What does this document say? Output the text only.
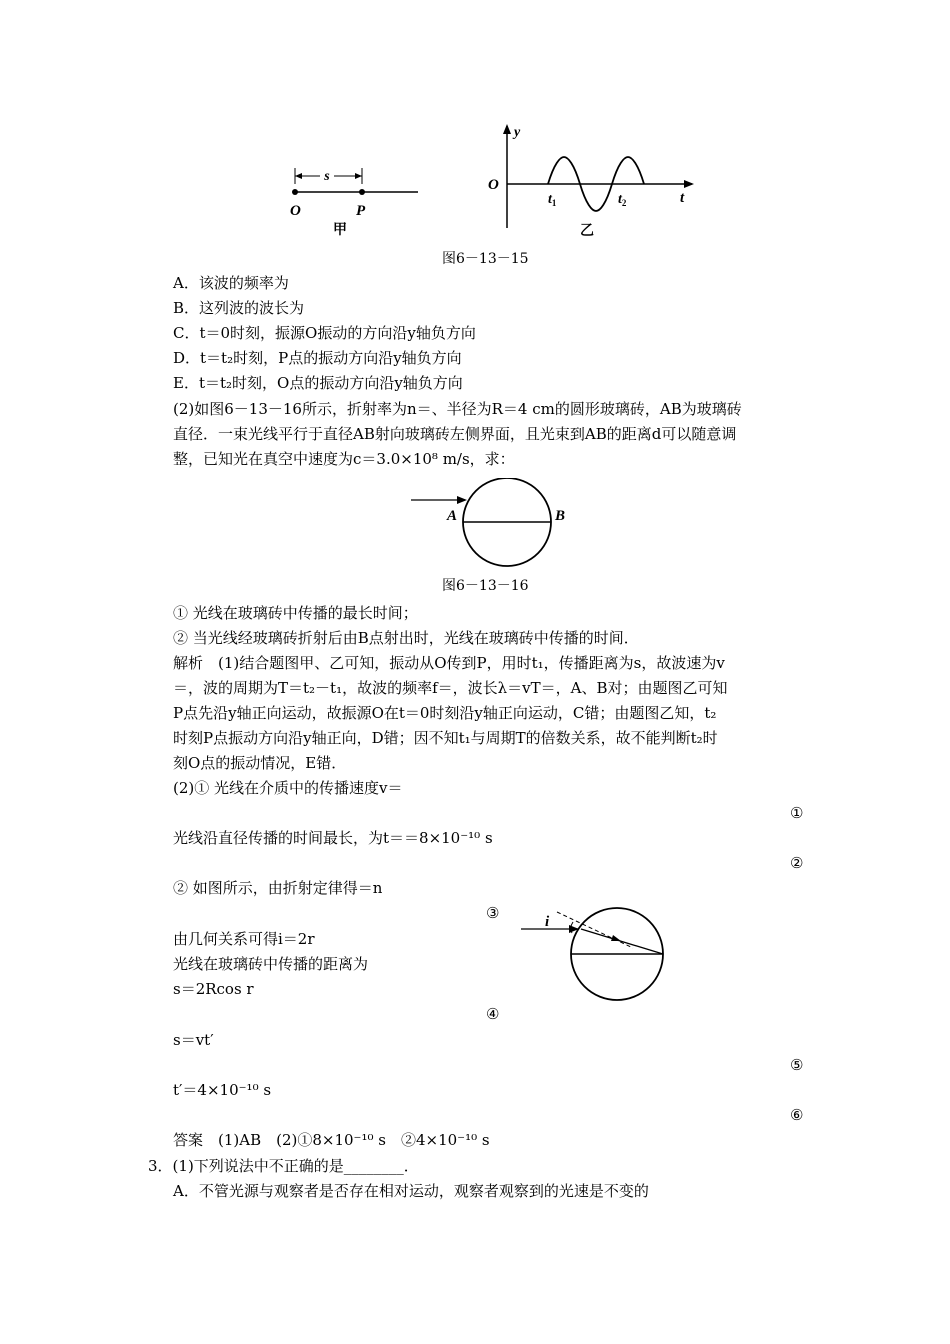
s
O	P
甲
y
O
$t_1$	$t_2$	t
乙
图6－13－15
A．该波的频率为
B．这列波的波长为
C．t＝0时刻，振源O振动的方向沿y轴负方向
D．t＝t₂时刻，P点的振动方向沿y轴负方向
E．t＝t₂时刻，O点的振动方向沿y轴负方向
(2)如图6－13－16所示，折射率为n＝、半径为R＝4 cm的圆形玻璃砖，AB为玻璃砖
直径．一束光线平行于直径AB射向玻璃砖左侧界面，且光束到AB的距离d可以随意调
整，已知光在真空中速度为c＝3.0×10⁸ m/s，求：
A	B
图6－13－16
① 光线在玻璃砖中传播的最长时间；
② 当光线经玻璃砖折射后由B点射出时，光线在玻璃砖中传播的时间．
解析　(1)结合题图甲、乙可知，振动从O传到P，用时t₁，传播距离为s，故波速为v
＝，波的周期为T＝t₂－t₁，故波的频率f＝，波长λ＝vT＝，A、B对；由题图乙可知
P点先沿y轴正向运动，故振源O在t＝0时刻沿y轴正向运动，C错；由题图乙知，t₂
时刻P点振动方向沿y轴正向，D错；因不知t₁与周期T的倍数关系，故不能判断t₂时
刻O点的振动情况，E错．
(2)① 光线在介质中的传播速度v＝
①
光线沿直径传播的时间最长，为t＝＝8×10⁻¹⁰ s
②
② 如图所示，由折射定律得＝n
③
由几何关系可得i＝2r
光线在玻璃砖中传播的距离为
s＝2Rcos r
④
s＝vt′
⑤
t′＝4×10⁻¹⁰ s
⑥
答案　(1)AB　(2)①8×10⁻¹⁰ s　②4×10⁻¹⁰ s
3．(1)下列说法中不正确的是________．
A．不管光源与观察者是否存在相对运动，观察者观察到的光速是不变的
i
